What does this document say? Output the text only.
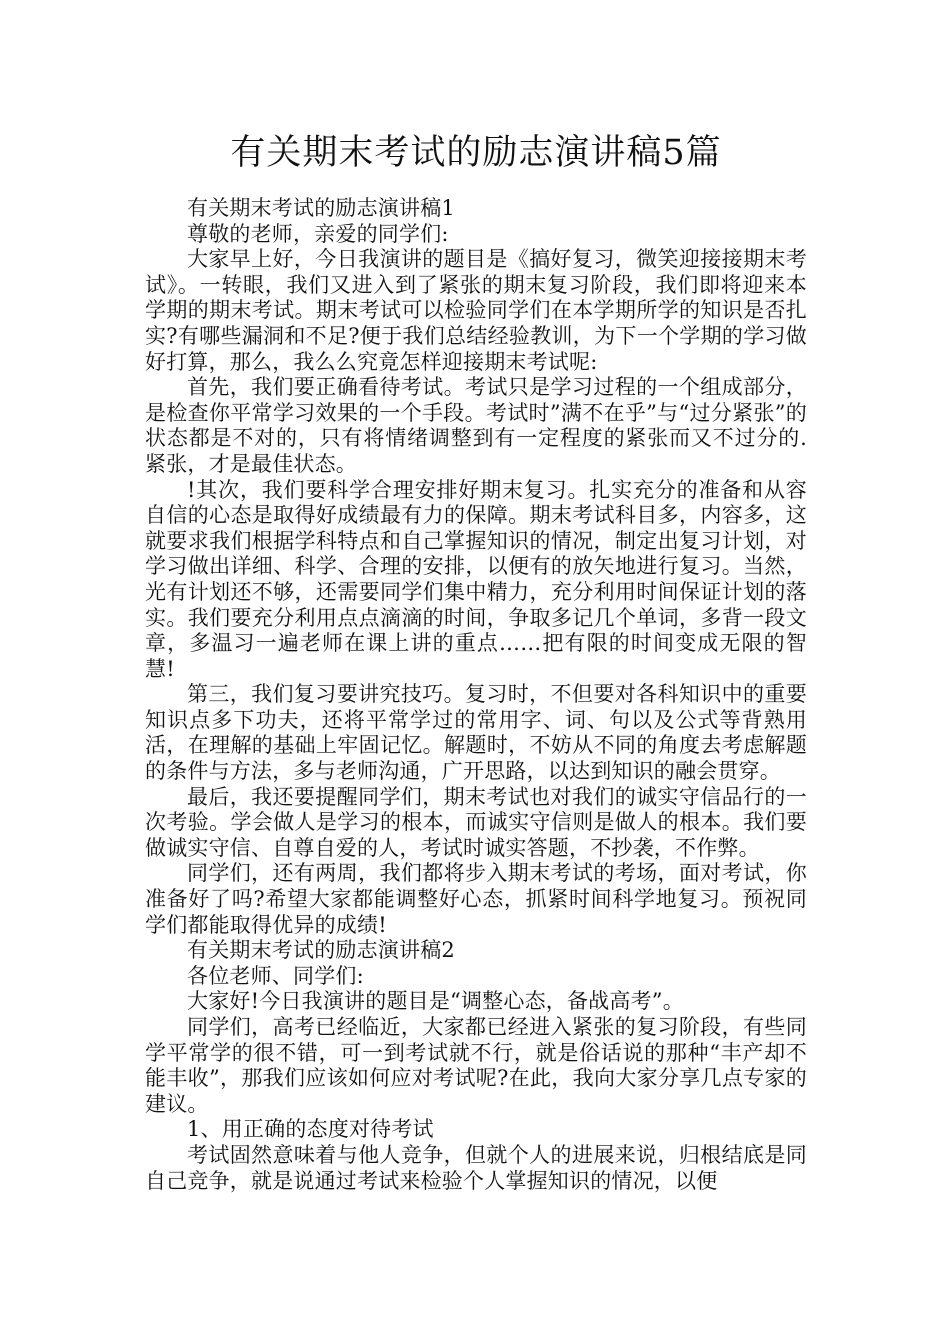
有关期末考试的励志演讲稿5篇

有关期末考试的励志演讲稿1

尊敬的老师，亲爱的同学们:

大家早上好，今日我演讲的题目是《搞好复习，微笑迎接接期末考试》。一转眼，我们又进入到了紧张的期末复习阶段，我们即将迎来本学期的期末考试。期末考试可以检验同学们在本学期所学的知识是否扎实?有哪些漏洞和不足?便于我们总结经验教训，为下一个学期的学习做好打算，那么，我么么究竟怎样迎接期末考试呢:

首先，我们要正确看待考试。考试只是学习过程的一个组成部分，是检查你平常学习效果的一个手段。考试时”满不在乎”与“过分紧张”的状态都是不对的，只有将情绪调整到有一定程度的紧张而又不过分的.紧张，才是最佳状态。

!其次，我们要科学合理安排好期末复习。扎实充分的准备和从容自信的心态是取得好成绩最有力的保障。期末考试科目多，内容多，这就要求我们根据学科特点和自己掌握知识的情况，制定出复习计划，对学习做出详细、科学、合理的安排，以便有的放矢地进行复习。当然，光有计划还不够，还需要同学们集中精力，充分利用时间保证计划的落实。我们要充分利用点点滴滴的时间，争取多记几个单词，多背一段文章，多温习一遍老师在课上讲的重点……把有限的时间变成无限的智慧!

第三，我们复习要讲究技巧。复习时，不但要对各科知识中的重要知识点多下功夫，还将平常学过的常用字、词、句以及公式等背熟用活，在理解的基础上牢固记忆。解题时，不妨从不同的角度去考虑解题的条件与方法，多与老师沟通，广开思路，以达到知识的融会贯穿。

最后，我还要提醒同学们，期末考试也对我们的诚实守信品行的一次考验。学会做人是学习的根本，而诚实守信则是做人的根本。我们要做诚实守信、自尊自爱的人，考试时诚实答题，不抄袭，不作弊。

同学们，还有两周，我们都将步入期末考试的考场，面对考试，你准备好了吗?希望大家都能调整好心态，抓紧时间科学地复习。预祝同学们都能取得优异的成绩!

有关期末考试的励志演讲稿2

各位老师、同学们:

大家好!今日我演讲的题目是“调整心态，备战高考”。

同学们，高考已经临近，大家都已经进入紧张的复习阶段，有些同学平常学的很不错，可一到考试就不行，就是俗话说的那种“丰产却不能丰收”，那我们应该如何应对考试呢?在此，我向大家分享几点专家的建议。

1、用正确的态度对待考试

考试固然意味着与他人竞争，但就个人的进展来说，归根结底是同自己竞争，就是说通过考试来检验个人掌握知识的情况，以便
